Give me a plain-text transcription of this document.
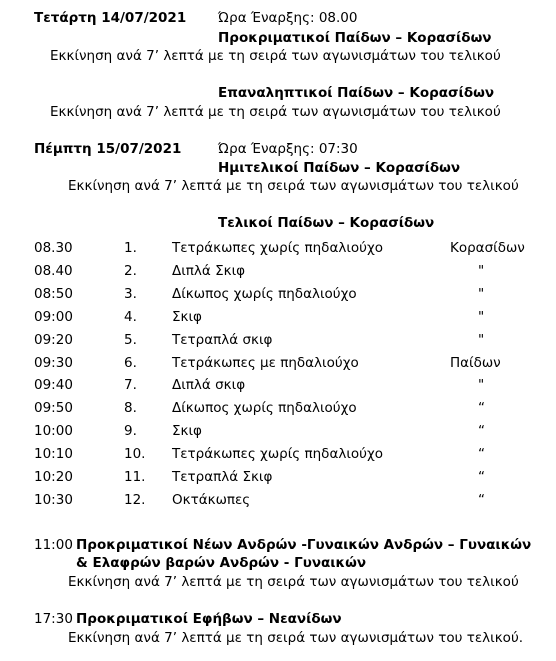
Τετάρτη 14/07/2021 Ώρα Έναρξης: 08.00
Προκριματικοί Παίδων – Κορασίδων
Εκκίνηση ανά 7’ λεπτά με τη σειρά των αγωνισμάτων του τελικού
Επαναληπτικοί Παίδων – Κορασίδων
Εκκίνηση ανά 7’ λεπτά με τη σειρά των αγωνισμάτων του τελικού
Πέμπτη 15/07/2021	Ώρα Έναρξης: 07:30
Ημιτελικοί Παίδων – Κορασίδων
Εκκίνηση ανά 7’ λεπτά με τη σειρά των αγωνισμάτων του τελικού
Τελικοί Παίδων – Κορασίδων
08.30	1.	Τετράκωπες χωρίς πηδαλιούχο	Κορασίδων
08.40	2.	Διπλά Σκιφ	"
08:50	3.	Δίκωπος χωρίς πηδαλιούχο	"
09:00	4.	Σκιφ	"
09:20	5.	Τετραπλά σκιφ	"
09:30	6.	Τετράκωπες με πηδαλιούχο	Παίδων
09:40	7.	Διπλά σκιφ	"
09:50	8.	Δίκωπος χωρίς πηδαλιούχο	“
10:00	9.	Σκιφ	“
10:10	10. Τετράκωπες χωρίς πηδαλιούχο	“
10:20	11. Τετραπλά Σκιφ	“
10:30	12. Οκτάκωπες	“
11:00 Προκριματικοί Νέων Ανδρών -Γυναικών Ανδρών – Γυναικών
& Ελαφρών βαρών Ανδρών - Γυναικών
Εκκίνηση ανά 7’ λεπτά με τη σειρά των αγωνισμάτων του τελικού
17:30 Προκριματικοί Εφήβων – Νεανίδων
Εκκίνηση ανά 7’ λεπτά με τη σειρά των αγωνισμάτων του τελικού.
